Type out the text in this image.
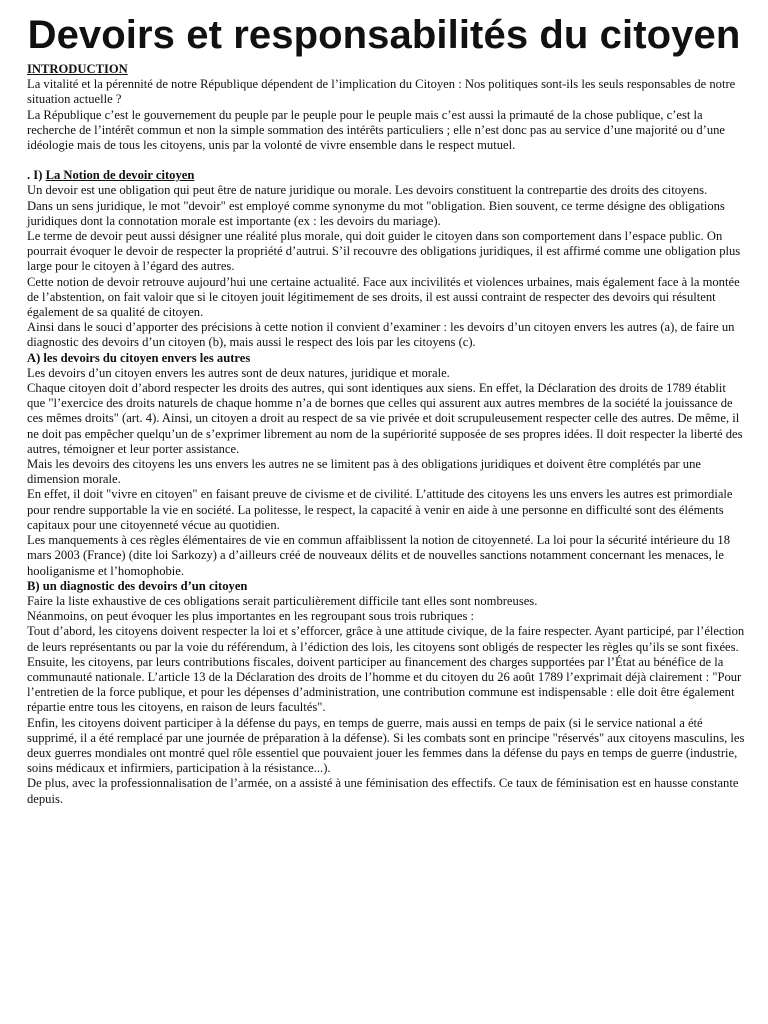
Devoirs et responsabilités du citoyen

INTRODUCTION

La vitalité et la pérennité de notre République dépendent de l’implication du Citoyen : Nos politiques sont-ils les seuls responsables de notre situation actuelle ?

La République c’est le gouvernement du peuple par le peuple pour le peuple mais c’est aussi la primauté de la chose publique, c’est la recherche de l’intérêt commun et non la simple sommation des intérêts particuliers ; elle n’est donc pas au service d’une majorité ou d’une idéologie mais de tous les citoyens, unis par la volonté de vivre ensemble dans le respect mutuel.

. I) La Notion de devoir citoyen

Un devoir est une obligation qui peut être de nature juridique ou morale. Les devoirs constituent la contrepartie des droits des citoyens.

Dans un sens juridique, le mot "devoir" est employé comme synonyme du mot "obligation. Bien souvent, ce terme désigne des obligations juridiques dont la connotation morale est importante (ex : les devoirs du mariage).

Le terme de devoir peut aussi désigner une réalité plus morale, qui doit guider le citoyen dans son comportement dans l’espace public. On pourrait évoquer le devoir de respecter la propriété d’autrui. S’il recouvre des obligations juridiques, il est affirmé comme une obligation plus large pour le citoyen à l’égard des autres.

Cette notion de devoir retrouve aujourd’hui une certaine actualité. Face aux incivilités et violences urbaines, mais également face à la montée de l’abstention, on fait valoir que si le citoyen jouit légitimement de ses droits, il est aussi contraint de respecter des devoirs qui résultent également de sa qualité de citoyen.

Ainsi dans le souci d’apporter des précisions à cette notion il convient d’examiner : les devoirs d’un citoyen envers les autres (a), de faire un diagnostic des devoirs d’un citoyen (b), mais aussi le respect des lois par les citoyens (c).

A) les devoirs du citoyen envers les autres

Les devoirs d’un citoyen envers les autres sont de deux natures, juridique et morale.

Chaque citoyen doit d’abord respecter les droits des autres, qui sont identiques aux siens. En effet, la Déclaration des droits de 1789 établit que "l’exercice des droits naturels de chaque homme n’a de bornes que celles qui assurent aux autres membres de la société la jouissance de ces mêmes droits" (art. 4). Ainsi, un citoyen a droit au respect de sa vie privée et doit scrupuleusement respecter celle des autres. De même, il ne doit pas empêcher quelqu’un de s’exprimer librement au nom de la supériorité supposée de ses propres idées. Il doit respecter la liberté des autres, témoigner et leur porter assistance.

Mais les devoirs des citoyens les uns envers les autres ne se limitent pas à des obligations juridiques et doivent être complétés par une dimension morale.

En effet, il doit "vivre en citoyen" en faisant preuve de civisme et de civilité. L’attitude des citoyens les uns envers les autres est primordiale pour rendre supportable la vie en société. La politesse, le respect, la capacité à venir en aide à une personne en difficulté sont des éléments capitaux pour une citoyenneté vécue au quotidien.

Les manquements à ces règles élémentaires de vie en commun affaiblissent la notion de citoyenneté. La loi pour la sécurité intérieure du 18 mars 2003 (France) (dite loi Sarkozy) a d’ailleurs créé de nouveaux délits et de nouvelles sanctions notamment concernant les menaces, le hooliganisme et l’homophobie.

B) un diagnostic des devoirs d’un citoyen

Faire la liste exhaustive de ces obligations serait particulièrement difficile tant elles sont nombreuses.

Néanmoins, on peut évoquer les plus importantes en les regroupant sous trois rubriques :

Tout d’abord, les citoyens doivent respecter la loi et s’efforcer, grâce à une attitude civique, de la faire respecter. Ayant participé, par l’élection de leurs représentants ou par la voie du référendum, à l’édiction des lois, les citoyens sont obligés de respecter les règles qu’ils se sont fixées.

Ensuite, les citoyens, par leurs contributions fiscales, doivent participer au financement des charges supportées par l’État au bénéfice de la communauté nationale. L’article 13 de la Déclaration des droits de l’homme et du citoyen du 26 août 1789 l’exprimait déjà clairement : "Pour l’entretien de la force publique, et pour les dépenses d’administration, une contribution commune est indispensable : elle doit être également répartie entre tous les citoyens, en raison de leurs facultés".

Enfin, les citoyens doivent participer à la défense du pays, en temps de guerre, mais aussi en temps de paix (si le service national a été supprimé, il a été remplacé par une journée de préparation à la défense). Si les combats sont en principe "réservés" aux citoyens masculins, les deux guerres mondiales ont montré quel rôle essentiel que pouvaient jouer les femmes dans la défense du pays en temps de guerre (industrie, soins médicaux et infirmiers, participation à la résistance...).

De plus, avec la professionnalisation de l’armée, on a assisté à une féminisation des effectifs. Ce taux de féminisation est en hausse constante depuis.
